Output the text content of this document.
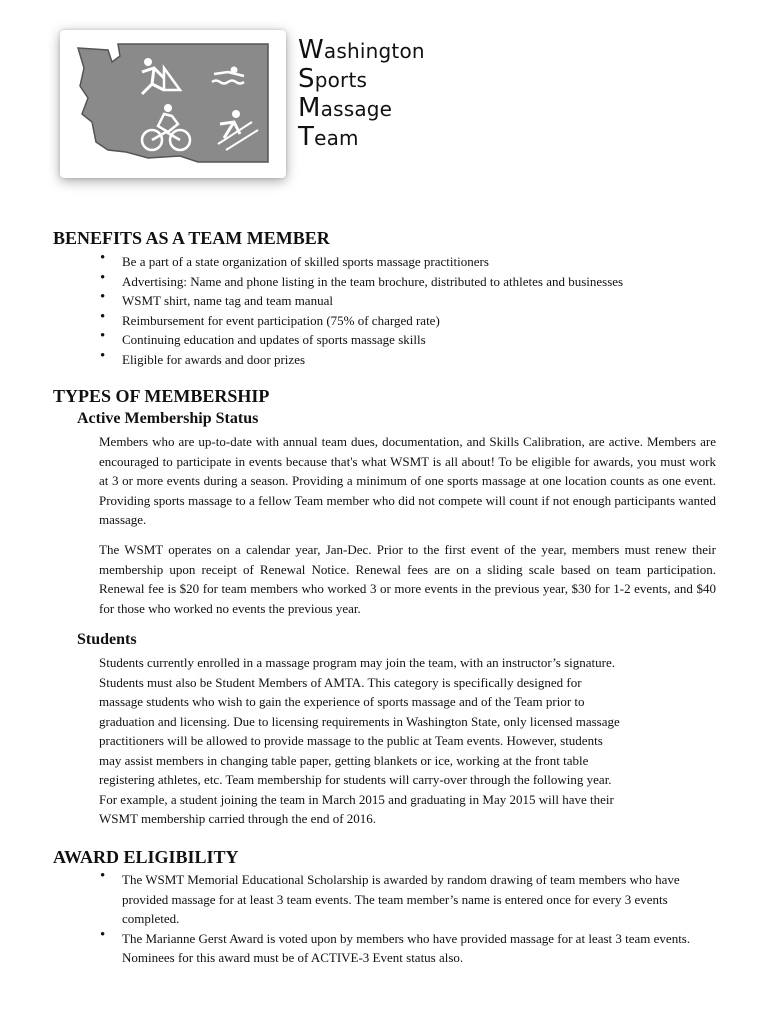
Washington
Sports
Massage
Team
BENEFITS AS A TEAM MEMBER
• Be a part of a state organization of skilled sports massage practitioners
• Advertising: Name and phone listing in the team brochure, distributed to athletes and businesses
• WSMT shirt, name tag and team manual
• Reimbursement for event participation (75% of charged rate)
• Continuing education and updates of sports massage skills
• Eligible for awards and door prizes
TYPES OF MEMBERSHIP
Active Membership Status

Members who are up-to-date with annual team dues, documentation, and Skills Calibration, are active. Members are encouraged to participate in events because that's what WSMT is all about! To be eligible for awards, you must work at 3 or more events during a season. Providing a minimum of one sports massage at one location counts as one event. Providing sports massage to a fellow Team member who did not compete will count if not enough participants wanted massage.

The WSMT operates on a calendar year, Jan-Dec. Prior to the first event of the year, members must renew their membership upon receipt of Renewal Notice. Renewal fees are on a sliding scale based on team participation. Renewal fee is $20 for team members who worked 3 or more events in the previous year, $30 for 1-2 events, and $40 for those who worked no events the previous year.

Students
Students currently enrolled in a massage program may join the team, with an instructor’s signature.
Students must also be Student Members of AMTA. This category is specifically designed for
massage students who wish to gain the experience of sports massage and of the Team prior to
graduation and licensing. Due to licensing requirements in Washington State, only licensed massage
practitioners will be allowed to provide massage to the public at Team events. However, students
may assist members in changing table paper, getting blankets or ice, working at the front table
registering athletes, etc. Team membership for students will carry-over through the following year.
For example, a student joining the team in March 2015 and graduating in May 2015 will have their
WSMT membership carried through the end of 2016.
AWARD ELIGIBILITY
• The WSMT Memorial Educational Scholarship is awarded by random drawing of team members who have provided massage for at least 3 team events. The team member’s name is entered once for every 3 events completed.
• The Marianne Gerst Award is voted upon by members who have provided massage for at least 3 team events. Nominees for this award must be of ACTIVE-3 Event status also.
